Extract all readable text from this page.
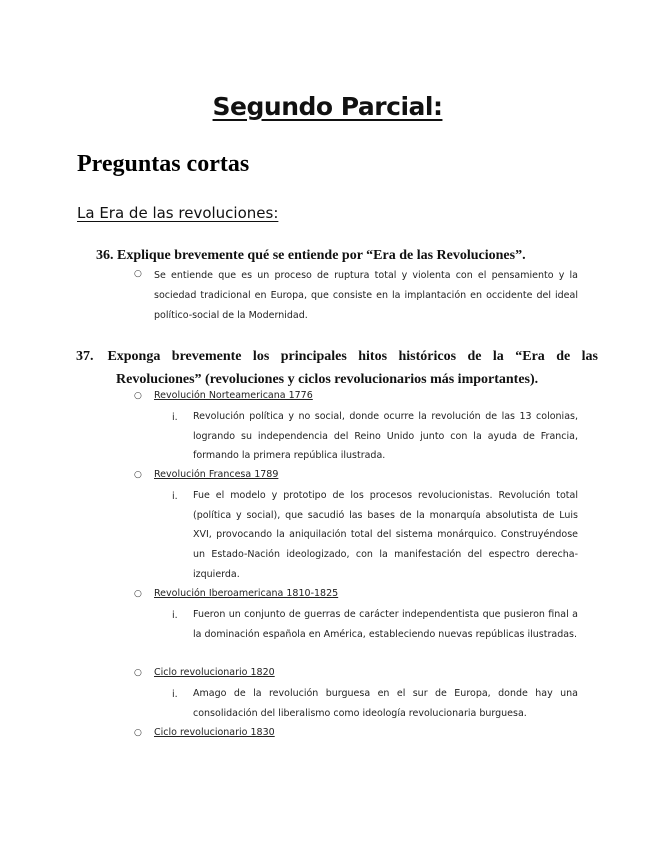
Segundo Parcial:
Preguntas cortas
La Era de las revoluciones:
36. Explique brevemente qué se entiende por “Era de las Revoluciones”.
○ Se entiende que es un proceso de ruptura total y violenta con el pensamiento y la sociedad tradicional en Europa, que consiste en la implantación en occidente del ideal político-social de la Modernidad.
37. Exponga brevemente los principales hitos históricos de la “Era de las Revoluciones” (revoluciones y ciclos revolucionarios más importantes).
○ Revolución Norteamericana 1776
i. Revolución política y no social, donde ocurre la revolución de las 13 colonias, logrando su independencia del Reino Unido junto con la ayuda de Francia, formando la primera república ilustrada.
○ Revolución Francesa 1789
i. Fue el modelo y prototipo de los procesos revolucionistas. Revolución total (política y social), que sacudió las bases de la monarquía absolutista de Luis XVI, provocando la aniquilación total del sistema monárquico. Construyéndose un Estado-Nación ideologizado, con la manifestación del espectro derecha-izquierda.
○ Revolución Iberoamericana 1810-1825
i. Fueron un conjunto de guerras de carácter independentista que pusieron final a la dominación española en América, estableciendo nuevas repúblicas ilustradas.
○ Ciclo revolucionario 1820
i. Amago de la revolución burguesa en el sur de Europa, donde hay una consolidación del liberalismo como ideología revolucionaria burguesa.
○ Ciclo revolucionario 1830
